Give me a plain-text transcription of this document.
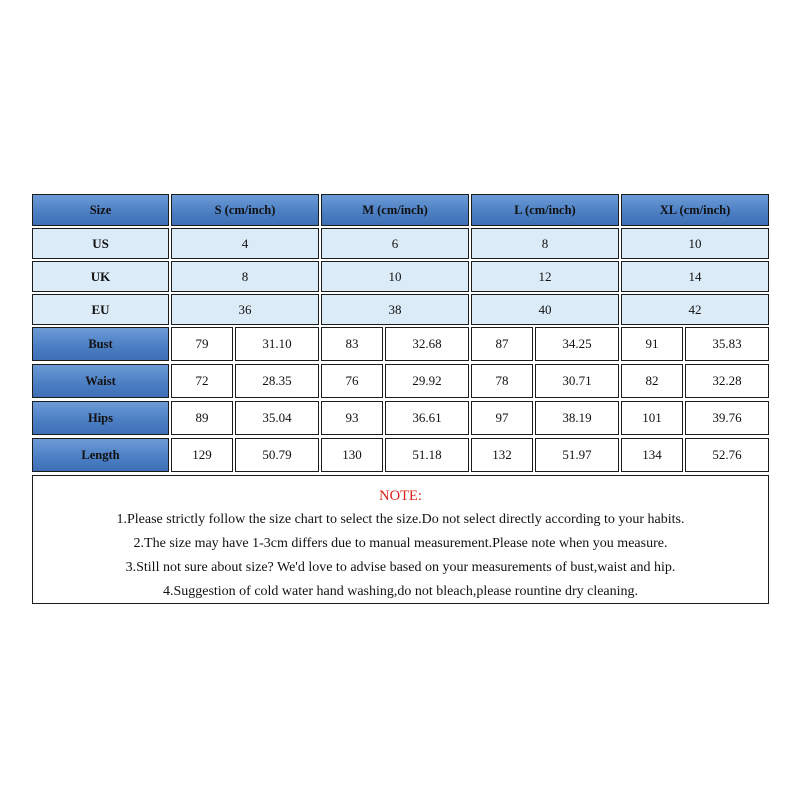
Size	S (cm/inch)	M (cm/inch)	L (cm/inch)	XL (cm/inch)
US	4	6	8	10
UK	8	10	12	14
EU	36	38	40	42
Bust	79	31.10	83	32.68	87	34.25	91	35.83
Waist	72	28.35	76	29.92	78	30.71	82	32.28
Hips	89	35.04	93	36.61	97	38.19	101	39.76
Length	129	50.79	130	51.18	132	51.97	134	52.76
NOTE:
1.Please strictly follow the size chart to select the size.Do not select directly according to your habits.
2.The size may have 1-3cm differs due to manual measurement.Please note when you measure.
3.Still not sure about size? We'd love to advise based on your measurements of bust,waist and hip.
4.Suggestion of cold water hand washing,do not bleach,please rountine dry cleaning.
